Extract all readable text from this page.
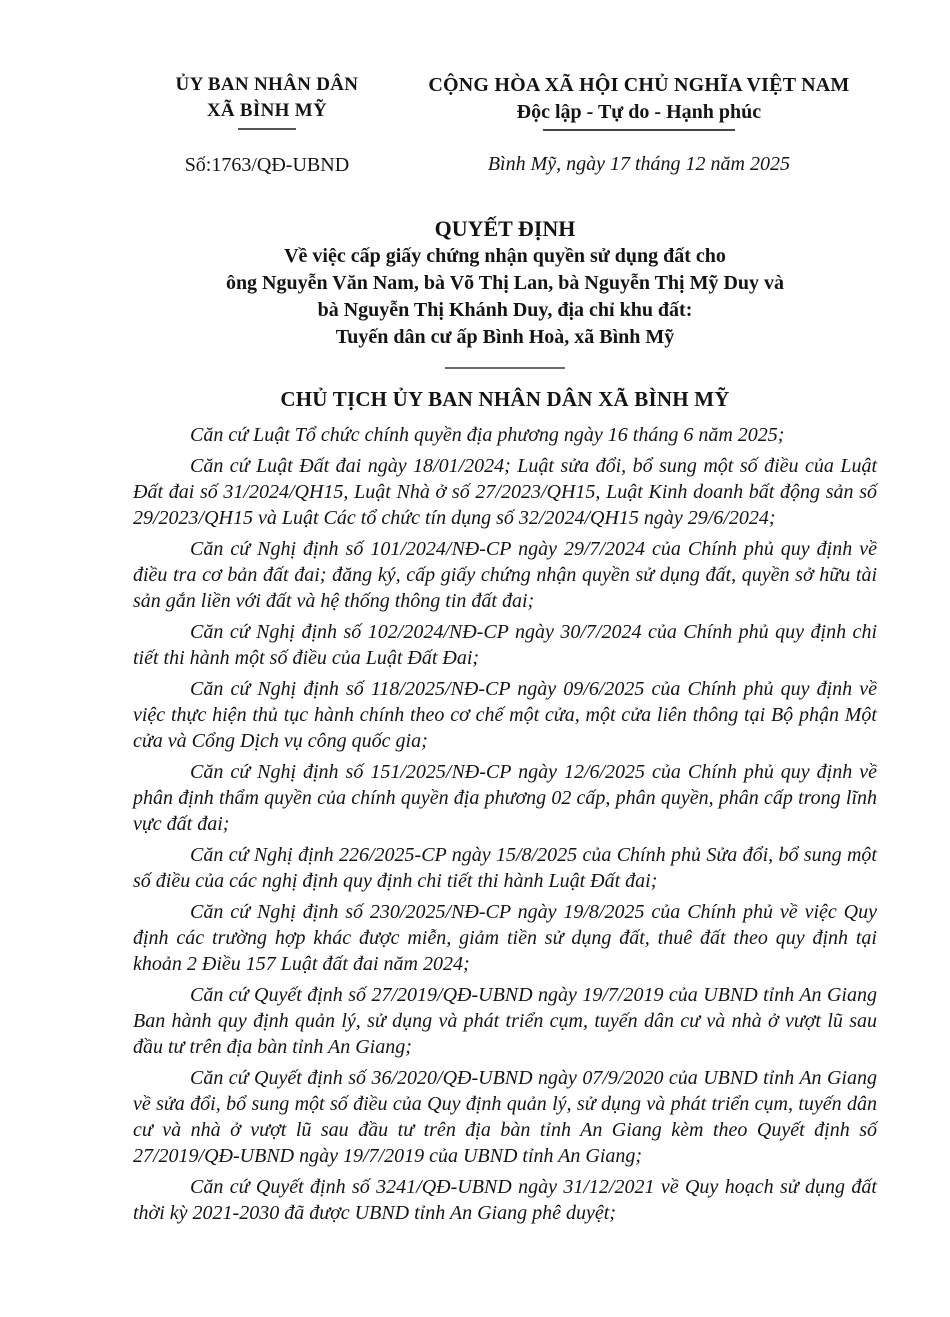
ỦY BAN NHÂN DÂN
XÃ BÌNH MỸ
Số:1763/QĐ-UBND
CỘNG HÒA XÃ HỘI CHỦ NGHĨA VIỆT NAM
Độc lập - Tự do - Hạnh phúc
Bình Mỹ, ngày 17 tháng 12 năm 2025
QUYẾT ĐỊNH
Về việc cấp giấy chứng nhận quyền sử dụng đất cho
ông Nguyễn Văn Nam, bà Võ Thị Lan, bà Nguyễn Thị Mỹ Duy và
bà Nguyễn Thị Khánh Duy, địa chỉ khu đất:
Tuyến dân cư ấp Bình Hoà, xã Bình Mỹ
CHỦ TỊCH ỦY BAN NHÂN DÂN XÃ BÌNH MỸ

Căn cứ Luật Tổ chức chính quyền địa phương ngày 16 tháng 6 năm 2025;

Căn cứ Luật Đất đai ngày 18/01/2024; Luật sửa đổi, bổ sung một số điều của Luật Đất đai số 31/2024/QH15, Luật Nhà ở số 27/2023/QH15, Luật Kinh doanh bất động sản số 29/2023/QH15 và Luật Các tổ chức tín dụng số 32/2024/QH15 ngày 29/6/2024;

Căn cứ Nghị định số 101/2024/NĐ-CP ngày 29/7/2024 của Chính phủ quy định về điều tra cơ bản đất đai; đăng ký, cấp giấy chứng nhận quyền sử dụng đất, quyền sở hữu tài sản gắn liền với đất và hệ thống thông tin đất đai;

Căn cứ Nghị định số 102/2024/NĐ-CP ngày 30/7/2024 của Chính phủ quy định chi tiết thi hành một số điều của Luật Đất Đai;

Căn cứ Nghị định số 118/2025/NĐ-CP ngày 09/6/2025 của Chính phủ quy định về việc thực hiện thủ tục hành chính theo cơ chế một cửa, một cửa liên thông tại Bộ phận Một cửa và Cổng Dịch vụ công quốc gia;

Căn cứ Nghị định số 151/2025/NĐ-CP ngày 12/6/2025 của Chính phủ quy định về phân định thẩm quyền của chính quyền địa phương 02 cấp, phân quyền, phân cấp trong lĩnh vực đất đai;

Căn cứ Nghị định 226/2025-CP ngày 15/8/2025 của Chính phủ Sửa đổi, bổ sung một số điều của các nghị định quy định chi tiết thi hành Luật Đất đai;

Căn cứ Nghị định số 230/2025/NĐ-CP ngày 19/8/2025 của Chính phủ về việc Quy định các trường hợp khác được miễn, giảm tiền sử dụng đất, thuê đất theo quy định tại khoản 2 Điều 157 Luật đất đai năm 2024;

Căn cứ Quyết định số 27/2019/QĐ-UBND ngày 19/7/2019 của UBND tỉnh An Giang Ban hành quy định quản lý, sử dụng và phát triển cụm, tuyến dân cư và nhà ở vượt lũ sau đầu tư trên địa bàn tỉnh An Giang;

Căn cứ Quyết định số 36/2020/QĐ-UBND ngày 07/9/2020 của UBND tỉnh An Giang về sửa đổi, bổ sung một số điều của Quy định quản lý, sử dụng và phát triển cụm, tuyến dân cư và nhà ở vượt lũ sau đầu tư trên địa bàn tỉnh An Giang kèm theo Quyết định số 27/2019/QĐ-UBND ngày 19/7/2019 của UBND tỉnh An Giang;

Căn cứ Quyết định số 3241/QĐ-UBND ngày 31/12/2021 về Quy hoạch sử dụng đất thời kỳ 2021-2030 đã được UBND tỉnh An Giang phê duyệt;
